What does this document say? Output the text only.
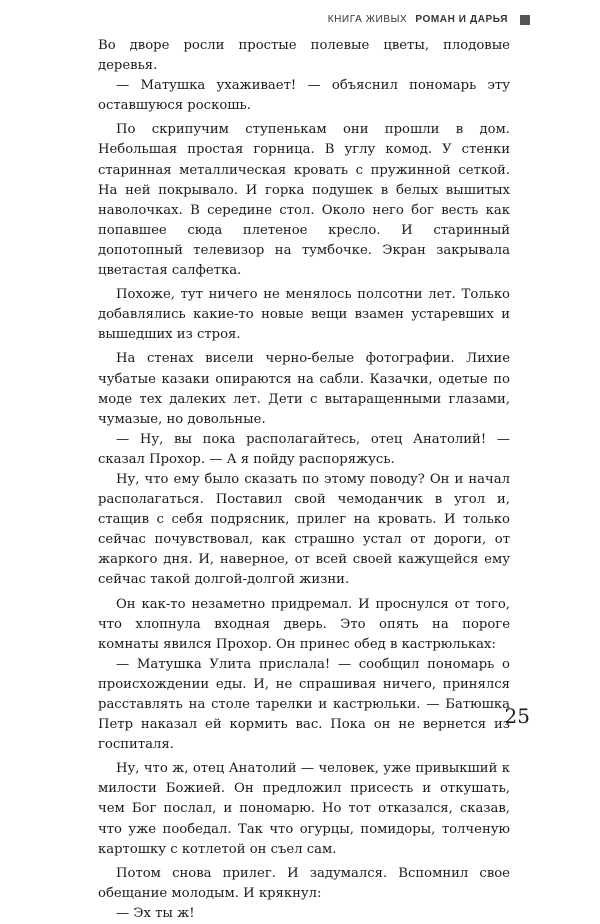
КНИГА ЖИВЫХ РОМАН И ДАРЬЯ

Во дворе росли простые полевые цветы, плодовые деревья.

— Матушка ухаживает! — объяснил пономарь эту оставшуюся роскошь.

По скрипучим ступенькам они прошли в дом. Небольшая простая горница. В углу комод. У стенки старинная металлическая кровать с пружинной сеткой. На ней покрывало. И горка подушек в белых вышитых наволочках. В середине стол. Около него бог весть как попавшее сюда плетеное кресло. И старинный допотопный телевизор на тумбочке. Экран закрывала цветастая салфетка.

Похоже, тут ничего не менялось полсотни лет. Только добавлялись какие-то новые вещи взамен устаревших и вышедших из строя.

На стенах висели черно-белые фотографии. Лихие чубатые казаки опираются на сабли. Казачки, одетые по моде тех далеких лет. Дети с вытаращенными глазами, чумазые, но довольные.

— Ну, вы пока располагайтесь, отец Анатолий! — сказал Прохор. — А я пойду распоряжусь.

Ну, что ему было сказать по этому поводу? Он и начал располагаться. Поставил свой чемоданчик в угол и, стащив с себя подрясник, прилег на кровать. И только сейчас почувствовал, как страшно устал от дороги, от жаркого дня. И, наверное, от всей своей кажущейся ему сейчас такой долгой-долгой жизни.

Он как-то незаметно придремал. И проснулся от того, что хлопнула входная дверь. Это опять на пороге комнаты явился Прохор. Он принес обед в кастрюльках:

— Матушка Улита прислала! — сообщил пономарь о происхождении еды. И, не спрашивая ничего, принялся расставлять на столе тарелки и кастрюльки. — Батюшка Петр наказал ей кормить вас. Пока он не вернется из госпиталя.

Ну, что ж, отец Анатолий — человек, уже привыкший к милости Божией. Он предложил присесть и откушать, чем Бог послал, и пономарю. Но тот отказался, сказав, что уже пообедал. Так что огурцы, помидоры, толченую картошку с котлетой он съел сам.

Потом снова прилег. И задумался. Вспомнил свое обещание молодым. И крякнул:

— Эх ты ж!

25
